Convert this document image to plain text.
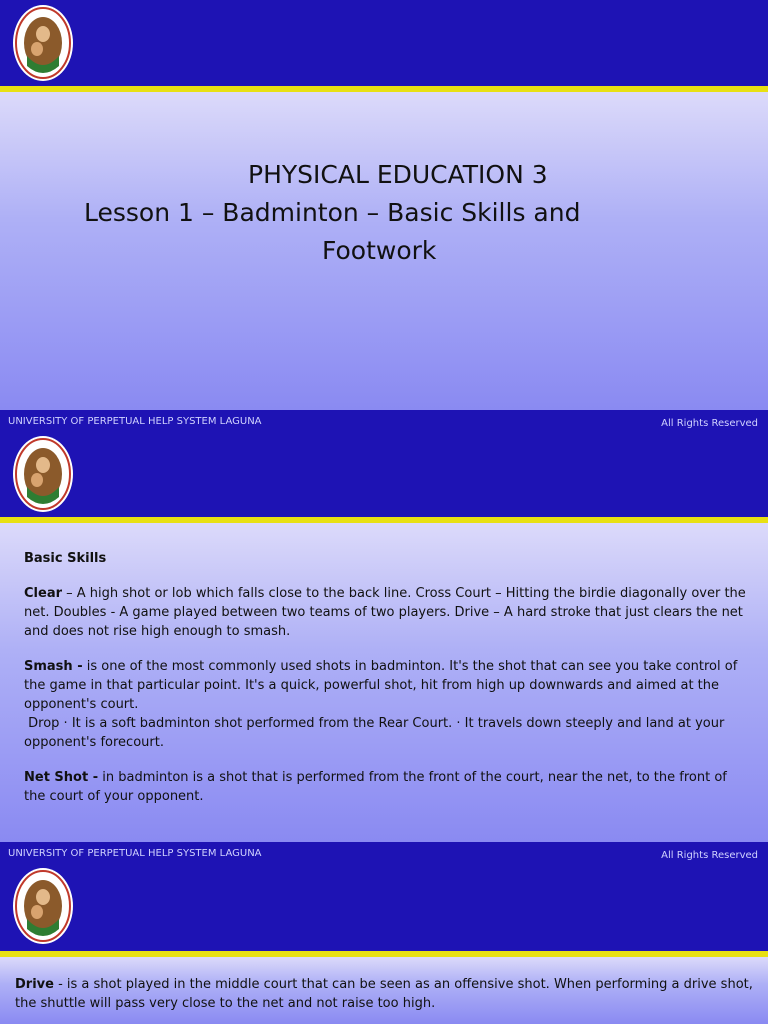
PHYSICAL EDUCATION 3
Lesson 1 – Badminton – Basic Skills and
Footwork
UNIVERSITY OF PERPETUAL HELP SYSTEM LAGUNA	All Rights Reserved

Basic Skills

Clear – A high shot or lob which falls close to the back line. Cross Court – Hitting the birdie diagonally over the net. Doubles - A game played between two teams of two players. Drive – A hard stroke that just clears the net and does not rise high enough to smash.

Smash - is one of the most commonly used shots in badminton. It's the shot that can see you take control of the game in that particular point. It's a quick, powerful shot, hit from high up downwards and aimed at the opponent's court.

Drop · It is a soft badminton shot performed from the Rear Court. · It travels down steeply and land at your opponent's forecourt.

Net Shot - in badminton is a shot that is performed from the front of the court, near the net, to the front of the court of your opponent.

UNIVERSITY OF PERPETUAL HELP SYSTEM LAGUNA	All Rights Reserved

Drive - is a shot played in the middle court that can be seen as an offensive shot. When performing a drive shot, the shuttle will pass very close to the net and not raise too high.
